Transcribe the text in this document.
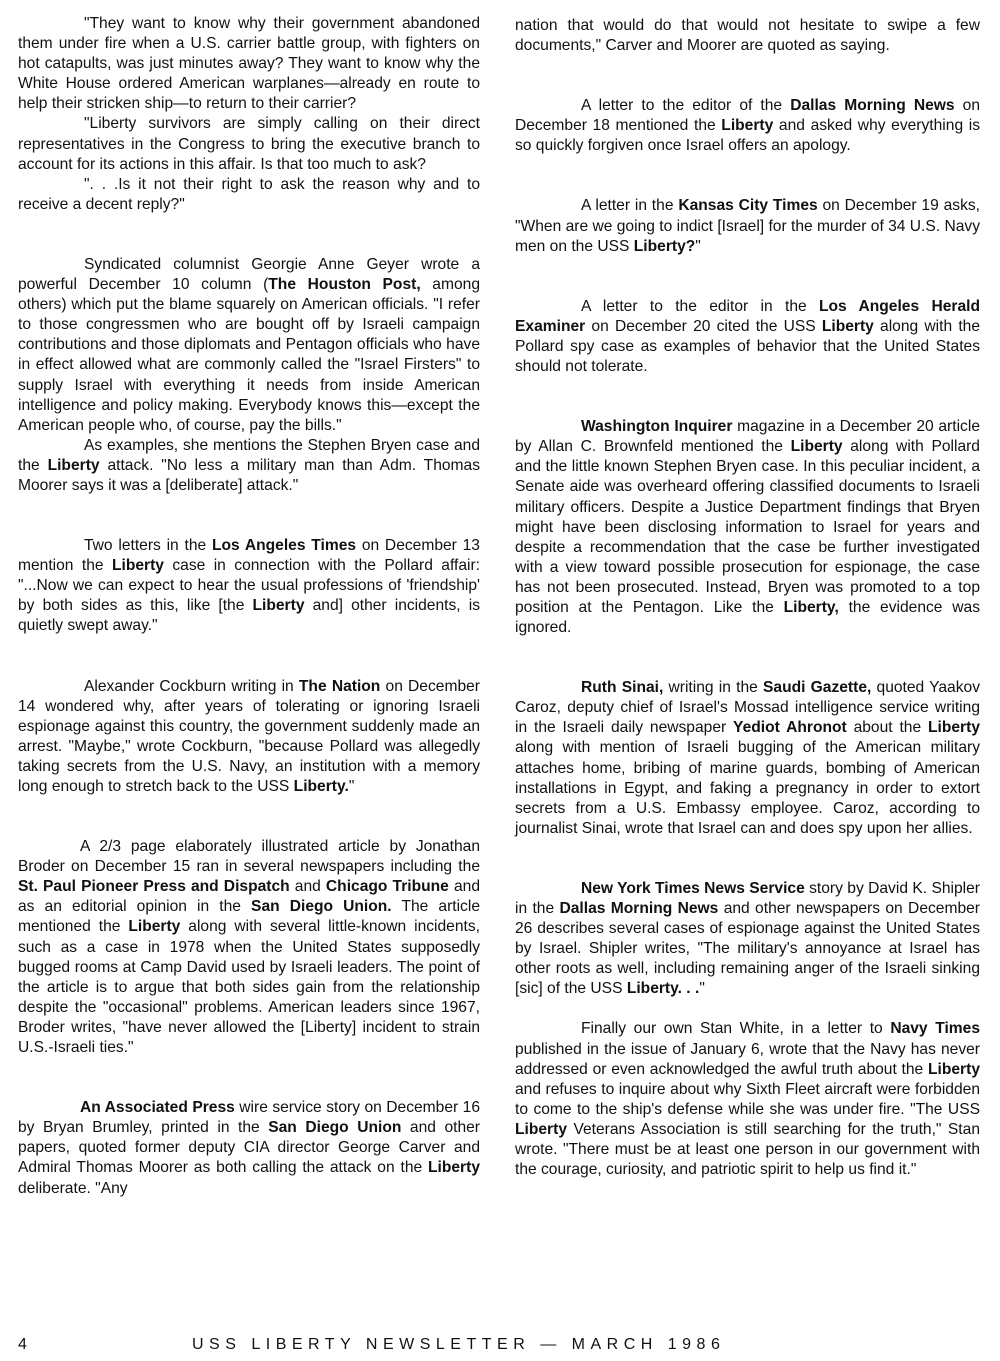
"They want to know why their government abandoned them under fire when a U.S. carrier battle group, with fighters on hot catapults, was just minutes away? They want to know why the White House ordered American warplanes—already en route to help their stricken ship—to return to their carrier?

"Liberty survivors are simply calling on their direct representatives in the Congress to bring the executive branch to account for its actions in this affair. Is that too much to ask?

". . .Is it not their right to ask the reason why and to receive a decent reply?"

Syndicated columnist Georgie Anne Geyer wrote a powerful December 10 column (The Houston Post, among others) which put the blame squarely on American officials. "I refer to those congressmen who are bought off by Israeli campaign contributions and those diplomats and Pentagon officials who have in effect allowed what are commonly called the "Israel Firsters" to supply Israel with everything it needs from inside American intelligence and policy making. Everybody knows this—except the American people who, of course, pay the bills."

As examples, she mentions the Stephen Bryen case and the Liberty attack. "No less a military man than Adm. Thomas Moorer says it was a [deliberate] attack."

Two letters in the Los Angeles Times on December 13 mention the Liberty case in connection with the Pollard affair: "...Now we can expect to hear the usual professions of 'friendship' by both sides as this, like [the Liberty and] other incidents, is quietly swept away."

Alexander Cockburn writing in The Nation on December 14 wondered why, after years of tolerating or ignoring Israeli espionage against this country, the government suddenly made an arrest. "Maybe," wrote Cockburn, "because Pollard was allegedly taking secrets from the U.S. Navy, an institution with a memory long enough to stretch back to the USS Liberty."

A 2/3 page elaborately illustrated article by Jonathan Broder on December 15 ran in several newspapers including the St. Paul Pioneer Press and Dispatch and Chicago Tribune and as an editorial opinion in the San Diego Union. The article mentioned the Liberty along with several little-known incidents, such as a case in 1978 when the United States supposedly bugged rooms at Camp David used by Israeli leaders. The point of the article is to argue that both sides gain from the relationship despite the "occasional" problems. American leaders since 1967, Broder writes, "have never allowed the [Liberty] incident to strain U.S.-Israeli ties."

An Associated Press wire service story on December 16 by Bryan Brumley, printed in the San Diego Union and other papers, quoted former deputy CIA director George Carver and Admiral Thomas Moorer as both calling the attack on the Liberty deliberate. "Any

nation that would do that would not hesitate to swipe a few documents," Carver and Moorer are quoted as saying.

A letter to the editor of the Dallas Morning News on December 18 mentioned the Liberty and asked why everything is so quickly forgiven once Israel offers an apology.

A letter in the Kansas City Times on December 19 asks, "When are we going to indict [Israel] for the murder of 34 U.S. Navy men on the USS Liberty?"

A letter to the editor in the Los Angeles Herald Examiner on December 20 cited the USS Liberty along with the Pollard spy case as examples of behavior that the United States should not tolerate.

Washington Inquirer magazine in a December 20 article by Allan C. Brownfeld mentioned the Liberty along with Pollard and the little known Stephen Bryen case. In this peculiar incident, a Senate aide was overheard offering classified documents to Israeli military officers. Despite a Justice Department findings that Bryen might have been disclosing information to Israel for years and despite a recommendation that the case be further investigated with a view toward possible prosecution for espionage, the case has not been prosecuted. Instead, Bryen was promoted to a top position at the Pentagon. Like the Liberty, the evidence was ignored.

Ruth Sinai, writing in the Saudi Gazette, quoted Yaakov Caroz, deputy chief of Israel's Mossad intelligence service writing in the Israeli daily newspaper Yediot Ahronot about the Liberty along with mention of Israeli bugging of the American military attaches home, bribing of marine guards, bombing of American installations in Egypt, and faking a pregnancy in order to extort secrets from a U.S. Embassy employee. Caroz, according to journalist Sinai, wrote that Israel can and does spy upon her allies.

New York Times News Service story by David K. Shipler in the Dallas Morning News and other newspapers on December 26 describes several cases of espionage against the United States by Israel. Shipler writes, "The military's annoyance at Israel has other roots as well, including remaining anger of the Israeli sinking [sic] of the USS Liberty. . ."

Finally our own Stan White, in a letter to Navy Times published in the issue of January 6, wrote that the Navy has never addressed or even acknowledged the awful truth about the Liberty and refuses to inquire about why Sixth Fleet aircraft were forbidden to come to the ship's defense while she was under fire. "The USS Liberty Veterans Association is still searching for the truth," Stan wrote. "There must be at least one person in our government with the courage, curiosity, and patriotic spirit to help us find it."

4	USS LIBERTY NEWSLETTER — MARCH 1986
